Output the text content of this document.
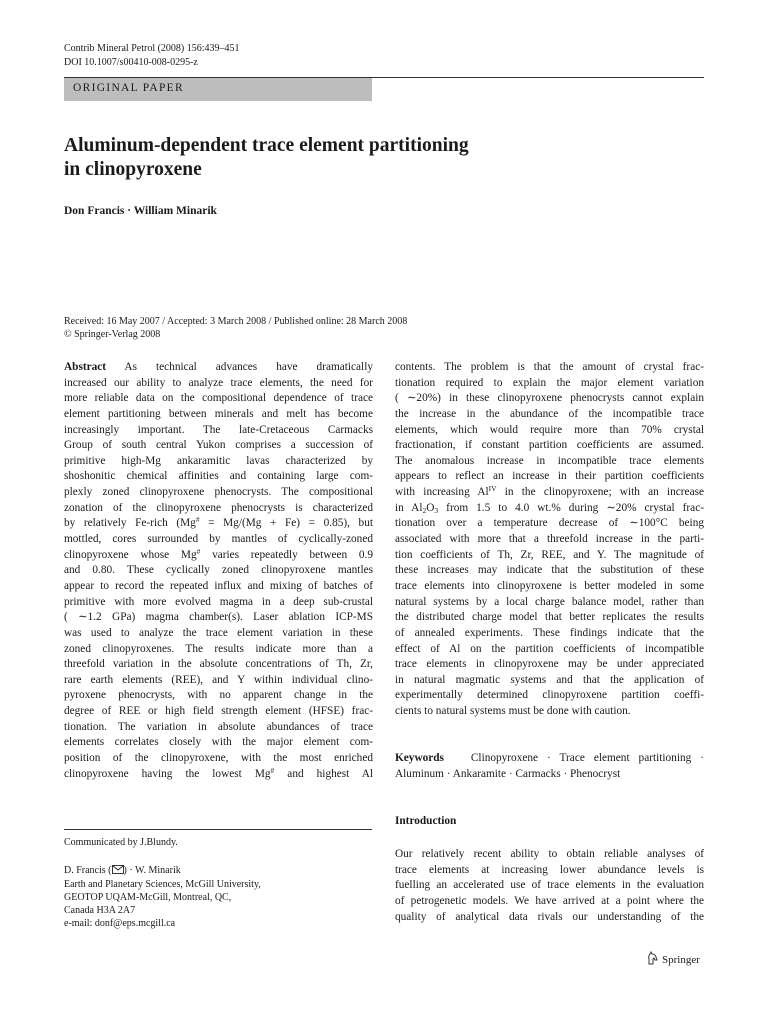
Contrib Mineral Petrol (2008) 156:439–451
DOI 10.1007/s00410-008-0295-z
ORIGINAL PAPER
Aluminum-dependent trace element partitioning
in clinopyroxene
Don Francis · William Minarik
Received: 16 May 2007 / Accepted: 3 March 2008 / Published online: 28 March 2008
© Springer-Verlag 2008
Abstract As technical advances have dramatically
increased our ability to analyze trace elements, the need for
more reliable data on the compositional dependence of trace
element partitioning between minerals and melt has become
increasingly important. The late-Cretaceous Carmacks
Group of south central Yukon comprises a succession of
primitive high-Mg ankaramitic lavas characterized by
shoshonitic chemical affinities and containing large com-
plexly zoned clinopyroxene phenocrysts. The compositional
zonation of the clinopyroxene phenocrysts is characterized
by relatively Fe-rich (Mg# = Mg/(Mg + Fe) = 0.85), but
mottled, cores surrounded by mantles of cyclically-zoned
clinopyroxene whose Mg# varies repeatedly between 0.9
and 0.80. These cyclically zoned clinopyroxene mantles
appear to record the repeated influx and mixing of batches of
primitive with more evolved magma in a deep sub-crustal
( ∼1.2 GPa) magma chamber(s). Laser ablation ICP-MS
was used to analyze the trace element variation in these
zoned clinopyroxenes. The results indicate more than a
threefold variation in the absolute concentrations of Th, Zr,
rare earth elements (REE), and Y within individual clino-
pyroxene phenocrysts, with no apparent change in the
degree of REE or high field strength element (HFSE) frac-
tionation. The variation in absolute abundances of trace
elements correlates closely with the major element com-
position of the clinopyroxene, with the most enriched
clinopyroxene having the lowest Mg# and highest Al
Communicated by J.Blundy.
D. Francis ( ) · W. Minarik
Earth and Planetary Sciences, McGill University,
GEOTOP UQAM-McGill, Montreal, QC,
Canada H3A 2A7
e-mail: donf@eps.mcgill.ca
contents. The problem is that the amount of crystal frac-
tionation required to explain the major element variation
( ∼20%) in these clinopyroxene phenocrysts cannot explain
the increase in the abundance of the incompatible trace
elements, which would require more than 70% crystal
fractionation, if constant partition coefficients are assumed.
The anomalous increase in incompatible trace elements
appears to reflect an increase in their partition coefficients
with increasing $Al^{IV}$ in the clinopyroxene; with an increase
in $Al_2O_3$ from 1.5 to 4.0 wt.% during ∼20% crystal frac-
tionation over a temperature decrease of ∼100°C being
associated with more that a threefold increase in the parti-
tion coefficients of Th, Zr, REE, and Y. The magnitude of
these increases may indicate that the substitution of these
trace elements into clinopyroxene is better modeled in some
natural systems by a local charge balance model, rather than
the distributed charge model that better replicates the results
of annealed experiments. These findings indicate that the
effect of Al on the partition coefficients of incompatible
trace elements in clinopyroxene may be under appreciated
in natural magmatic systems and that the application of
experimentally determined clinopyroxene partition coeffi-
cients to natural systems must be done with caution.
Keywords Clinopyroxene · Trace element partitioning ·
Aluminum · Ankaramite · Carmacks · Phenocryst
Introduction
Our relatively recent ability to obtain reliable analyses of
trace elements at increasing lower abundance levels is
fuelling an accelerated use of trace elements in the evaluation
of petrogenetic models. We have arrived at a point where the
quality of analytical data rivals our understanding of the
Springer
